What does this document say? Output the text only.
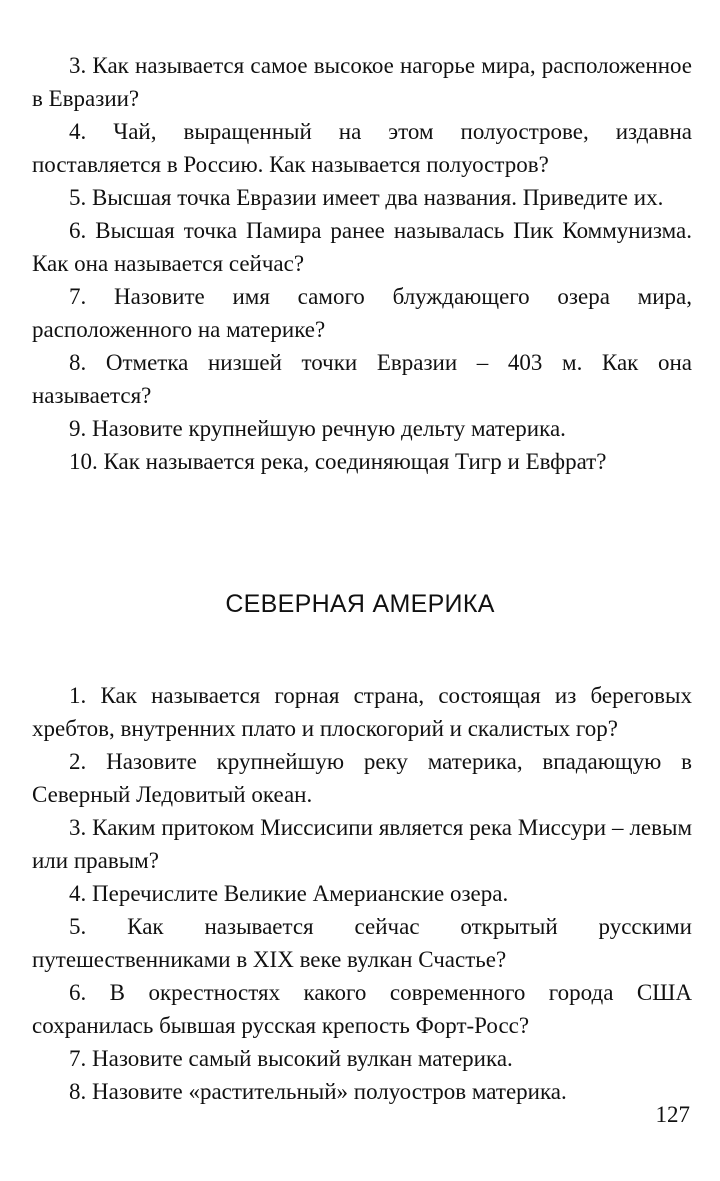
3. Как называется самое высокое нагорье мира, расположенное в Евразии?

4. Чай, выращенный на этом полуострове, издавна поставляется в Россию. Как называется полуостров?

5. Высшая точка Евразии имеет два названия. Приведите их.

6. Высшая точка Памира ранее называлась Пик Коммунизма. Как она называется сейчас?

7. Назовите имя самого блуждающего озера мира, расположенного на материке?

8. Отметка низшей точки Евразии – 403 м. Как она называется?

9. Назовите крупнейшую речную дельту материка.

10. Как называется река, соединяющая Тигр и Евфрат?

СЕВЕРНАЯ АМЕРИКА

1. Как называется горная страна, состоящая из береговых хребтов, внутренних плато и плоскогорий и скалистых гор?

2. Назовите крупнейшую реку материка, впадающую в Северный Ледовитый океан.

3. Каким притоком Миссисипи является река Миссури – левым или правым?

4. Перечислите Великие Америанские озера.

5. Как называется сейчас открытый русскими путешественниками в XIX веке вулкан Счастье?

6. В окрестностях какого современного города США сохранилась бывшая русская крепость Форт-Росс?

7. Назовите самый высокий вулкан материка.

8. Назовите «растительный» полуостров материка.

127
